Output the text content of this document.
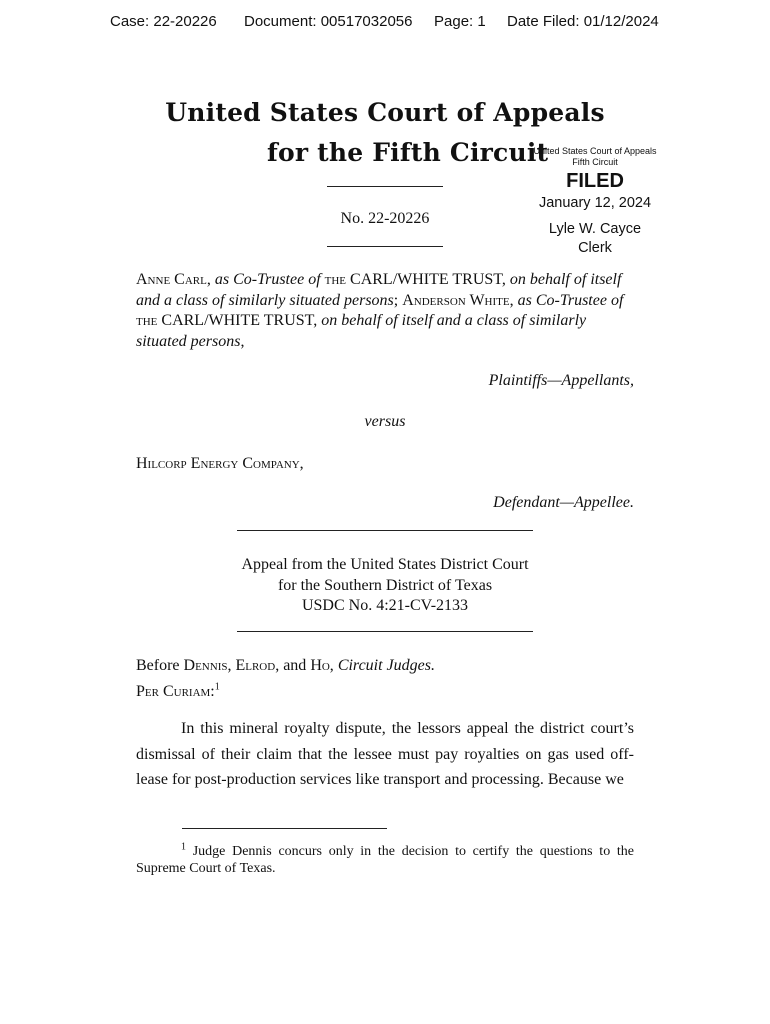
Case: 22-20226 Document: 00517032056 Page: 1 Date Filed: 01/12/2024
United States Court of Appeals
for the Fifth Circuit
United States Court of Appeals
Fifth Circuit
FILED
January 12, 2024
Lyle W. Cayce
Clerk
No. 22-20226
Anne Carl, as Co-Trustee of the CARL/WHITE TRUST, on behalf of itself and a class of similarly situated persons; Anderson White, as Co-Trustee of the CARL/WHITE TRUST, on behalf of itself and a class of similarly situated persons,
Plaintiffs—Appellants,
versus
Hilcorp Energy Company,
Defendant—Appellee.
Appeal from the United States District Court
for the Southern District of Texas
USDC No. 4:21-CV-2133
Before Dennis, Elrod, and Ho, Circuit Judges.
Per Curiam:$^1$
In this mineral royalty dispute, the lessors appeal the district court’s dismissal of their claim that the lessee must pay royalties on gas used off-lease for post-production services like transport and processing. Because we
$^1$ Judge Dennis concurs only in the decision to certify the questions to the Supreme Court of Texas.
